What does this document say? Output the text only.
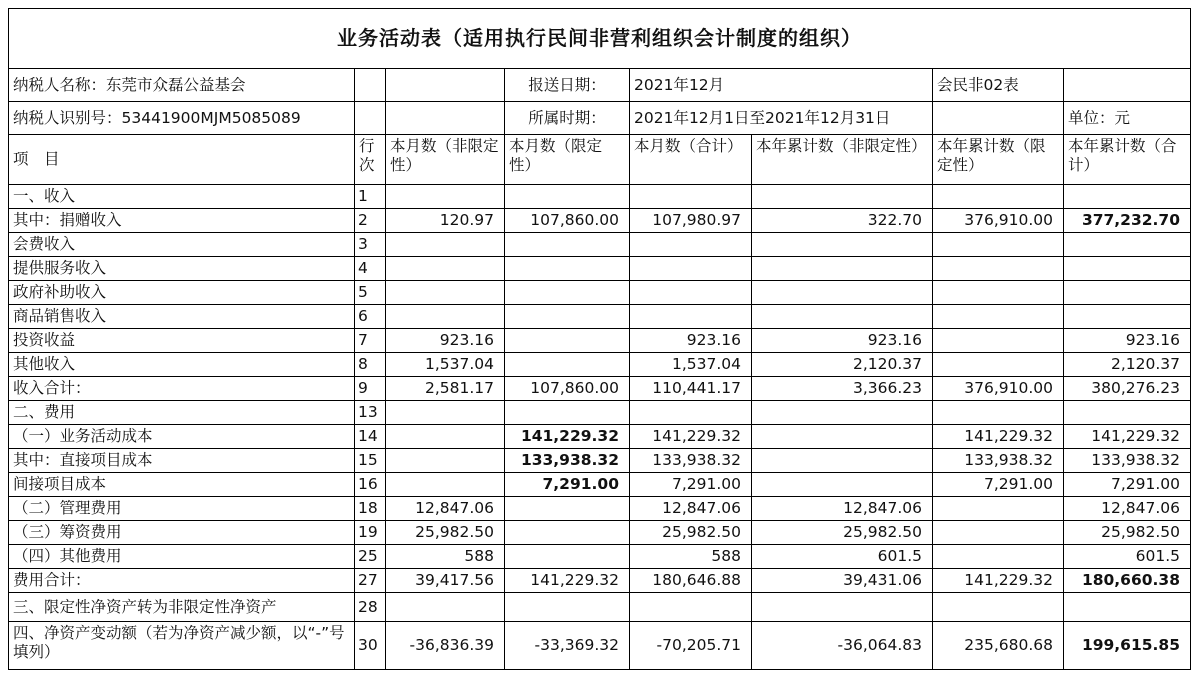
业务活动表（适用执行民间非营利组织会计制度的组织）							
纳税人名称：东莞市众磊公益基会			报送日期：	2021年12月		会民非02表	
纳税人识别号：53441900MJM5085089			所属时期：	2021年12月1日至2021年12月31日			单位：元
项　目	行次	本月数（非限定性）	本月数（限定性）	本月数（合计）	本年累计数（非限定性）	本年累计数（限定性）	本年累计数（合计）
一、收入	1						
其中：捐赠收入	2	120.97	107,860.00	107,980.97	322.70	376,910.00	377,232.70
会费收入	3						
提供服务收入	4						
政府补助收入	5						
商品销售收入	6						
投资收益	7	923.16		923.16	923.16		923.16
其他收入	8	1,537.04		1,537.04	2,120.37		2,120.37
收入合计：	9	2,581.17	107,860.00	110,441.17	3,366.23	376,910.00	380,276.23
二、费用	13						
（一）业务活动成本	14		141,229.32	141,229.32		141,229.32	141,229.32
其中：直接项目成本	15		133,938.32	133,938.32		133,938.32	133,938.32
间接项目成本	16		7,291.00	7,291.00		7,291.00	7,291.00
（二）管理费用	18	12,847.06		12,847.06	12,847.06		12,847.06
（三）筹资费用	19	25,982.50		25,982.50	25,982.50		25,982.50
（四）其他费用	25	588		588	601.5		601.5
费用合计：	27	39,417.56	141,229.32	180,646.88	39,431.06	141,229.32	180,660.38
三、限定性净资产转为非限定性净资产	28						
四、净资产变动额（若为净资产减少额，以“-”号填列）	30	-36,836.39	-33,369.32	-70,205.71	-36,064.83	235,680.68	199,615.85
